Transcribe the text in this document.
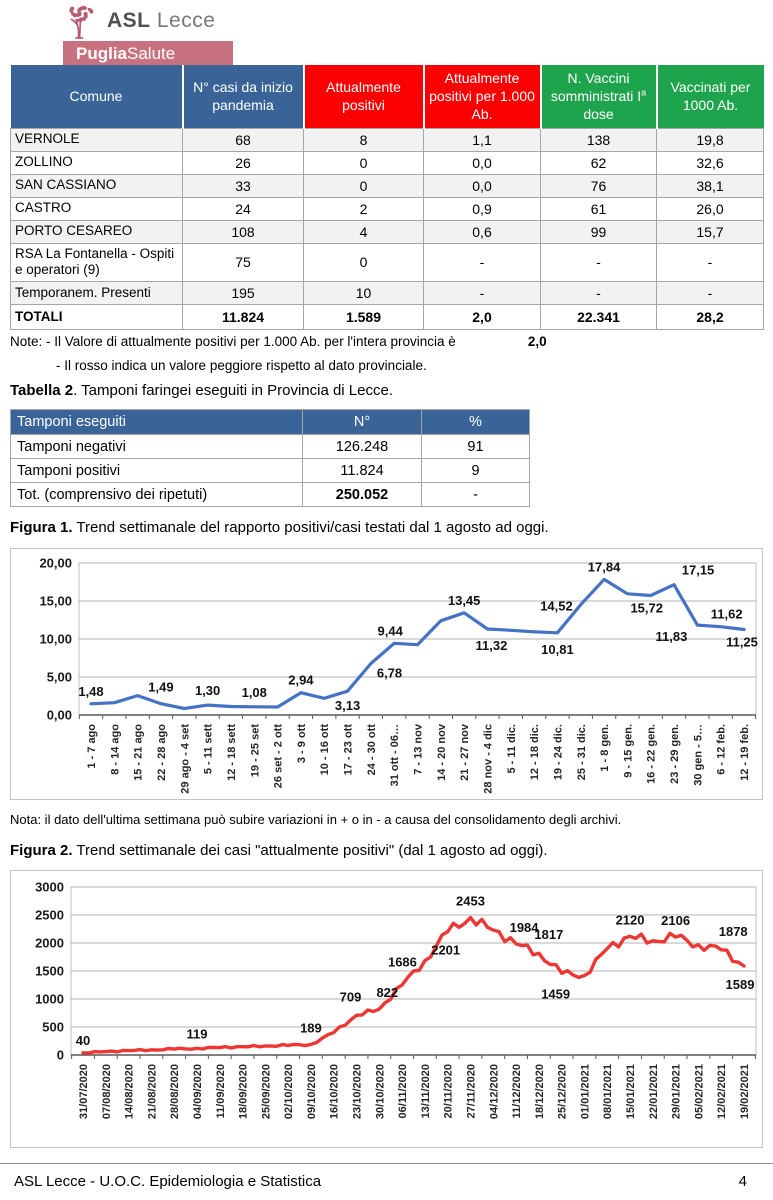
ASL Lecce
Puglia Salute
Comune	N° casi da inizio pandemia	Attualmente positivi	Attualmente positivi per 1.000 Ab.	N. Vaccini somministrati $I^a$ dose	Vaccinati per 1000 Ab.
VERNOLE	68	8	1,1	138	19,8
ZOLLINO	26	0	0,0	62	32,6
SAN CASSIANO	33	0	0,0	76	38,1
CASTRO	24	2	0,9	61	26,0
PORTO CESAREO	108	4	0,6	99	15,7
RSA La Fontanella - Ospiti e operatori (9)	75	0	-	-	-
Temporanem. Presenti	195	10	-	-	-
TOTALI	11.824	1.589	2,0	22.341	28,2
Note: - Il Valore di attualmente positivi per 1.000 Ab. per l'intera provincia è	2,0
- Il rosso indica un valore peggiore rispetto al dato provinciale.
Tabella 2. Tamponi faringei eseguiti in Provincia di Lecce.
Tamponi eseguiti	N°	%
Tamponi negativi	126.248	91
Tamponi positivi	11.824	9
Tot. (comprensivo dei ripetuti)	250.052	-
Figura 1. Trend settimanale del rapporto positivi/casi testati dal 1 agosto ad oggi.
0,00
5,00
10,00
15,00
20,00
1 - 7 ago 8 - 14 ago 15 - 21 ago 22 - 28 ago 29 ago - 4 set 5 - 11 sett 12 - 18 sett 19 - 25 set 26 set - 2 ott 3 - 9 ott 10 - 16 ott 17 - 23 ott 24 - 30 ott 31 ott - 06… 7 - 13 nov 14 - 20 nov 21 - 27 nov 28 nov - 4 dic 5 - 11 dic. 12 - 18 dic. 19 - 24 dic. 25 - 31 dic. 1 - 8 gen. 9 - 15 gen. 16 - 22 gen. 23 - 29 gen. 30 gen - 5… 6 - 12 feb. 12 - 19 feb.
1,48	1,49 1,30 1,08
2,94
3,13
6,78
9,44
13,45
11,32	10,81
14,52
17,84
15,72
17,15
11,83
11,62
11,25
Nota: il dato dell'ultima settimana può subire variazioni in + o in - a causa del consolidamento degli archivi.
Figura 2. Trend settimanale dei casi "attualmente positivi" (dal 1 agosto ad oggi).
0
500
1000
1500
2000
2500
3000
31/07/2020 07/08/2020 14/08/2020 21/08/2020 28/08/2020 04/09/2020 11/09/2020 18/09/2020 25/09/2020 02/10/2020 09/10/2020 16/10/2020 23/10/2020 30/10/2020 06/11/2020 13/11/2020 20/11/2020 27/11/2020 04/12/2020 11/12/2020 18/12/2020 25/12/2020 01/01/2021 08/01/2021 15/01/2021 22/01/2021 29/01/2021 05/02/2021 12/02/2021 19/02/2021
40	119	189
709 822
1686
2201
2453
1984
1817
1459
2120 2106
1878
1589
ASL Lecce - U.O.C. Epidemiologia e Statistica	4
